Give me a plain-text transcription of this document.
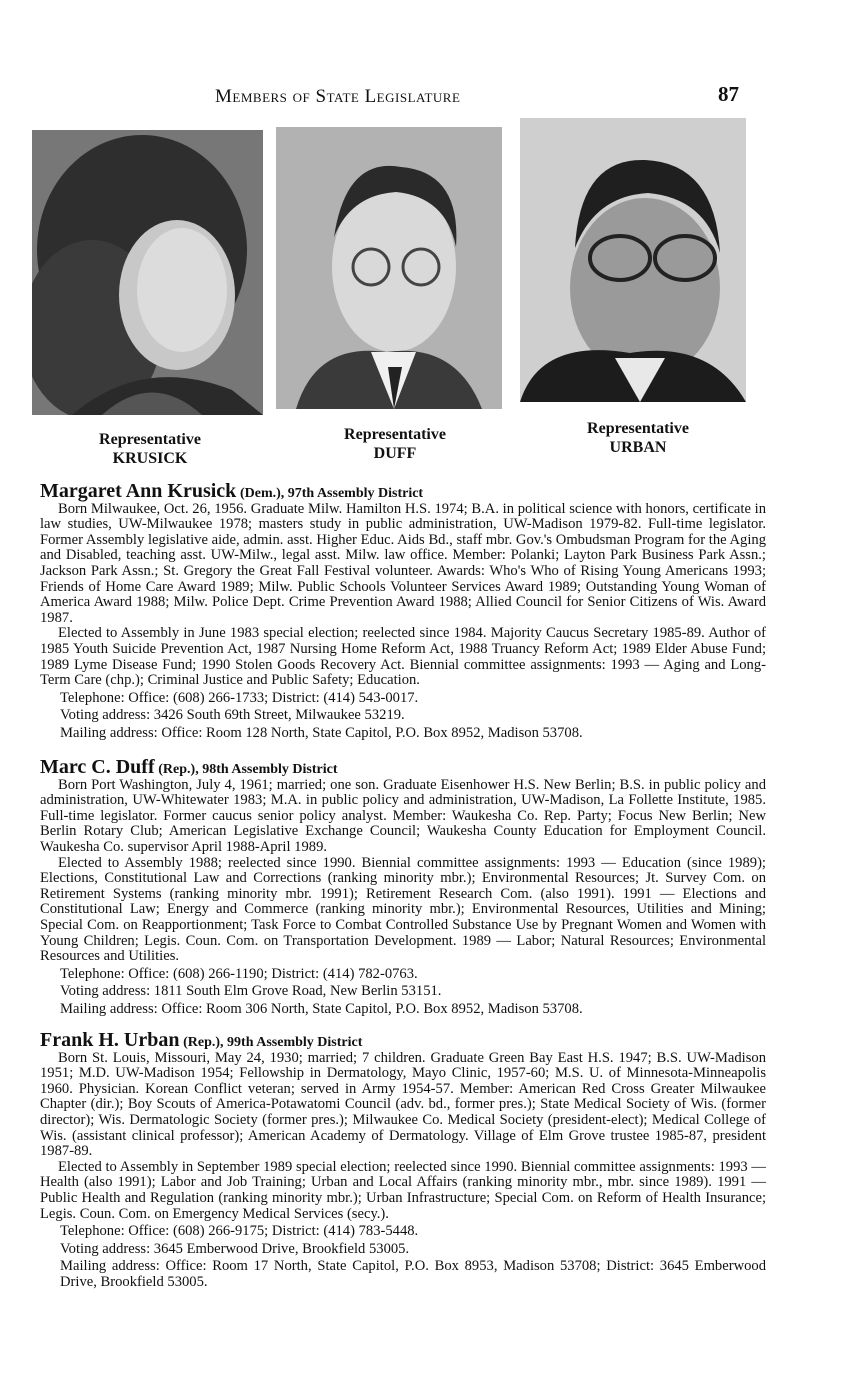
Members of State Legislature	87
Representative
KRUSICK
Representative
DUFF
Representative
URBAN
Margaret Ann Krusick (Dem.), 97th Assembly District

Born Milwaukee, Oct. 26, 1956. Graduate Milw. Hamilton H.S. 1974; B.A. in political science with honors, certificate in law studies, UW-Milwaukee 1978; masters study in public administration, UW-Madison 1979-82. Full-time legislator. Former Assembly legislative aide, admin. asst. Higher Educ. Aids Bd., staff mbr. Gov.'s Ombudsman Program for the Aging and Disabled, teaching asst. UW-Milw., legal asst. Milw. law office. Member: Polanki; Layton Park Business Park Assn.; Jackson Park Assn.; St. Gregory the Great Fall Festival volunteer. Awards: Who's Who of Rising Young Americans 1993; Friends of Home Care Award 1989; Milw. Public Schools Volunteer Services Award 1989; Outstanding Young Woman of America Award 1988; Milw. Police Dept. Crime Prevention Award 1988; Allied Council for Senior Citizens of Wis. Award 1987.

Elected to Assembly in June 1983 special election; reelected since 1984. Majority Caucus Secretary 1985-89. Author of 1985 Youth Suicide Prevention Act, 1987 Nursing Home Reform Act, 1988 Truancy Reform Act; 1989 Elder Abuse Fund; 1989 Lyme Disease Fund; 1990 Stolen Goods Recovery Act. Biennial committee assignments: 1993 — Aging and Long-Term Care (chp.); Criminal Justice and Public Safety; Education.

Telephone: Office: (608) 266-1733; District: (414) 543-0017.

Voting address: 3426 South 69th Street, Milwaukee 53219.

Mailing address: Office: Room 128 North, State Capitol, P.O. Box 8952, Madison 53708.

Marc C. Duff (Rep.), 98th Assembly District

Born Port Washington, July 4, 1961; married; one son. Graduate Eisenhower H.S. New Berlin; B.S. in public policy and administration, UW-Whitewater 1983; M.A. in public policy and administration, UW-Madison, La Follette Institute, 1985. Full-time legislator. Former caucus senior policy analyst. Member: Waukesha Co. Rep. Party; Focus New Berlin; New Berlin Rotary Club; American Legislative Exchange Council; Waukesha County Education for Employment Council. Waukesha Co. supervisor April 1988-April 1989.

Elected to Assembly 1988; reelected since 1990. Biennial committee assignments: 1993 — Education (since 1989); Elections, Constitutional Law and Corrections (ranking minority mbr.); Environmental Resources; Jt. Survey Com. on Retirement Systems (ranking minority mbr. 1991); Retirement Research Com. (also 1991). 1991 — Elections and Constitutional Law; Energy and Commerce (ranking minority mbr.); Environmental Resources, Utilities and Mining; Special Com. on Reapportionment; Task Force to Combat Controlled Substance Use by Pregnant Women and Women with Young Children; Legis. Coun. Com. on Transportation Development. 1989 — Labor; Natural Resources; Environmental Resources and Utilities.

Telephone: Office: (608) 266-1190; District: (414) 782-0763.

Voting address: 1811 South Elm Grove Road, New Berlin 53151.

Mailing address: Office: Room 306 North, State Capitol, P.O. Box 8952, Madison 53708.

Frank H. Urban (Rep.), 99th Assembly District

Born St. Louis, Missouri, May 24, 1930; married; 7 children. Graduate Green Bay East H.S. 1947; B.S. UW-Madison 1951; M.D. UW-Madison 1954; Fellowship in Dermatology, Mayo Clinic, 1957-60; M.S. U. of Minnesota-Minneapolis 1960. Physician. Korean Conflict veteran; served in Army 1954-57. Member: American Red Cross Greater Milwaukee Chapter (dir.); Boy Scouts of America-Potawatomi Council (adv. bd., former pres.); State Medical Society of Wis. (former director); Wis. Dermatologic Society (former pres.); Milwaukee Co. Medical Society (president-elect); Medical College of Wis. (assistant clinical professor); American Academy of Dermatology. Village of Elm Grove trustee 1985-87, president 1987-89.

Elected to Assembly in September 1989 special election; reelected since 1990. Biennial committee assignments: 1993 — Health (also 1991); Labor and Job Training; Urban and Local Affairs (ranking minority mbr., mbr. since 1989). 1991 — Public Health and Regulation (ranking minority mbr.); Urban Infrastructure; Special Com. on Reform of Health Insurance; Legis. Coun. Com. on Emergency Medical Services (secy.).

Telephone: Office: (608) 266-9175; District: (414) 783-5448.

Voting address: 3645 Emberwood Drive, Brookfield 53005.

Mailing address: Office: Room 17 North, State Capitol, P.O. Box 8953, Madison 53708; District: 3645 Emberwood Drive, Brookfield 53005.
